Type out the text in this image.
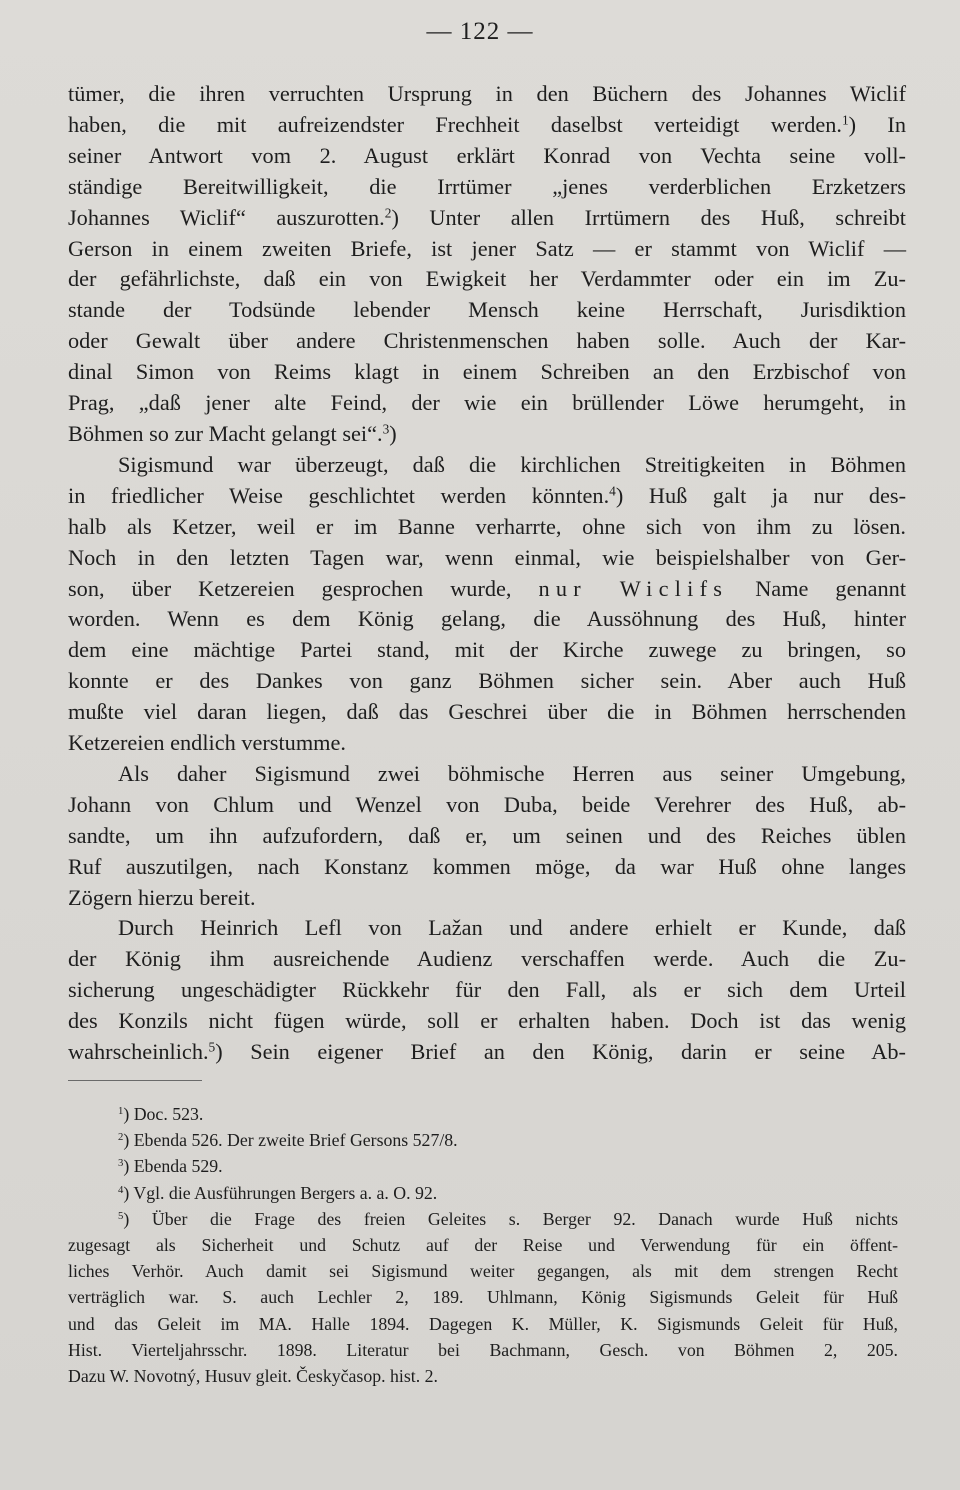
— 122 —
tümer, die ihren verruchten Ursprung in den Büchern des Johannes Wiclif
haben, die mit aufreizendster Frechheit daselbst verteidigt werden.$^1$) In
seiner Antwort vom 2. August erklärt Konrad von Vechta seine voll-
ständige Bereitwilligkeit, die Irrtümer „jenes verderblichen Erzketzers
Johannes Wiclif“ auszurotten.$^2$) Unter allen Irrtümern des Huß, schreibt
Gerson in einem zweiten Briefe, ist jener Satz — er stammt von Wiclif —
der gefährlichste, daß ein von Ewigkeit her Verdammter oder ein im Zu-
stande der Todsünde lebender Mensch keine Herrschaft, Jurisdiktion
oder Gewalt über andere Christenmenschen haben solle. Auch der Kar-
dinal Simon von Reims klagt in einem Schreiben an den Erzbischof von
Prag, „daß jener alte Feind, der wie ein brüllender Löwe herumgeht, in
Böhmen so zur Macht gelangt sei“.$^3$)
Sigismund war überzeugt, daß die kirchlichen Streitigkeiten in Böhmen
in friedlicher Weise geschlichtet werden könnten.$^4$) Huß galt ja nur des-
halb als Ketzer, weil er im Banne verharrte, ohne sich von ihm zu lösen.
Noch in den letzten Tagen war, wenn einmal, wie beispielshalber von Ger-
son, über Ketzereien gesprochen wurde, nur Wiclifs Name genannt
worden. Wenn es dem König gelang, die Aussöhnung des Huß, hinter
dem eine mächtige Partei stand, mit der Kirche zuwege zu bringen, so
konnte er des Dankes von ganz Böhmen sicher sein. Aber auch Huß
mußte viel daran liegen, daß das Geschrei über die in Böhmen herrschenden
Ketzereien endlich verstumme.
Als daher Sigismund zwei böhmische Herren aus seiner Umgebung,
Johann von Chlum und Wenzel von Duba, beide Verehrer des Huß, ab-
sandte, um ihn aufzufordern, daß er, um seinen und des Reiches üblen
Ruf auszutilgen, nach Konstanz kommen möge, da war Huß ohne langes
Zögern hierzu bereit.
Durch Heinrich Lefl von Lažan und andere erhielt er Kunde, daß
der König ihm ausreichende Audienz verschaffen werde. Auch die Zu-
sicherung ungeschädigter Rückkehr für den Fall, als er sich dem Urteil
des Konzils nicht fügen würde, soll er erhalten haben. Doch ist das wenig
wahrscheinlich.$^5$) Sein eigener Brief an den König, darin er seine Ab-
$^1$) Doc. 523.
$^2$) Ebenda 526. Der zweite Brief Gersons 527/8.
$^3$) Ebenda 529.
$^4$) Vgl. die Ausführungen Bergers a. a. O. 92.
$^5$) Über die Frage des freien Geleites s. Berger 92. Danach wurde Huß nichts
zugesagt als Sicherheit und Schutz auf der Reise und Verwendung für ein öffent-
liches Verhör. Auch damit sei Sigismund weiter gegangen, als mit dem strengen Recht
verträglich war. S. auch Lechler 2, 189. Uhlmann, König Sigismunds Geleit für Huß
und das Geleit im MA. Halle 1894. Dagegen K. Müller, K. Sigismunds Geleit für Huß,
Hist. Vierteljahrsschr. 1898. Literatur bei Bachmann, Gesch. von Böhmen 2, 205.
Dazu W. Novotný, Husuv gleit. Českyčasop. hist. 2.
